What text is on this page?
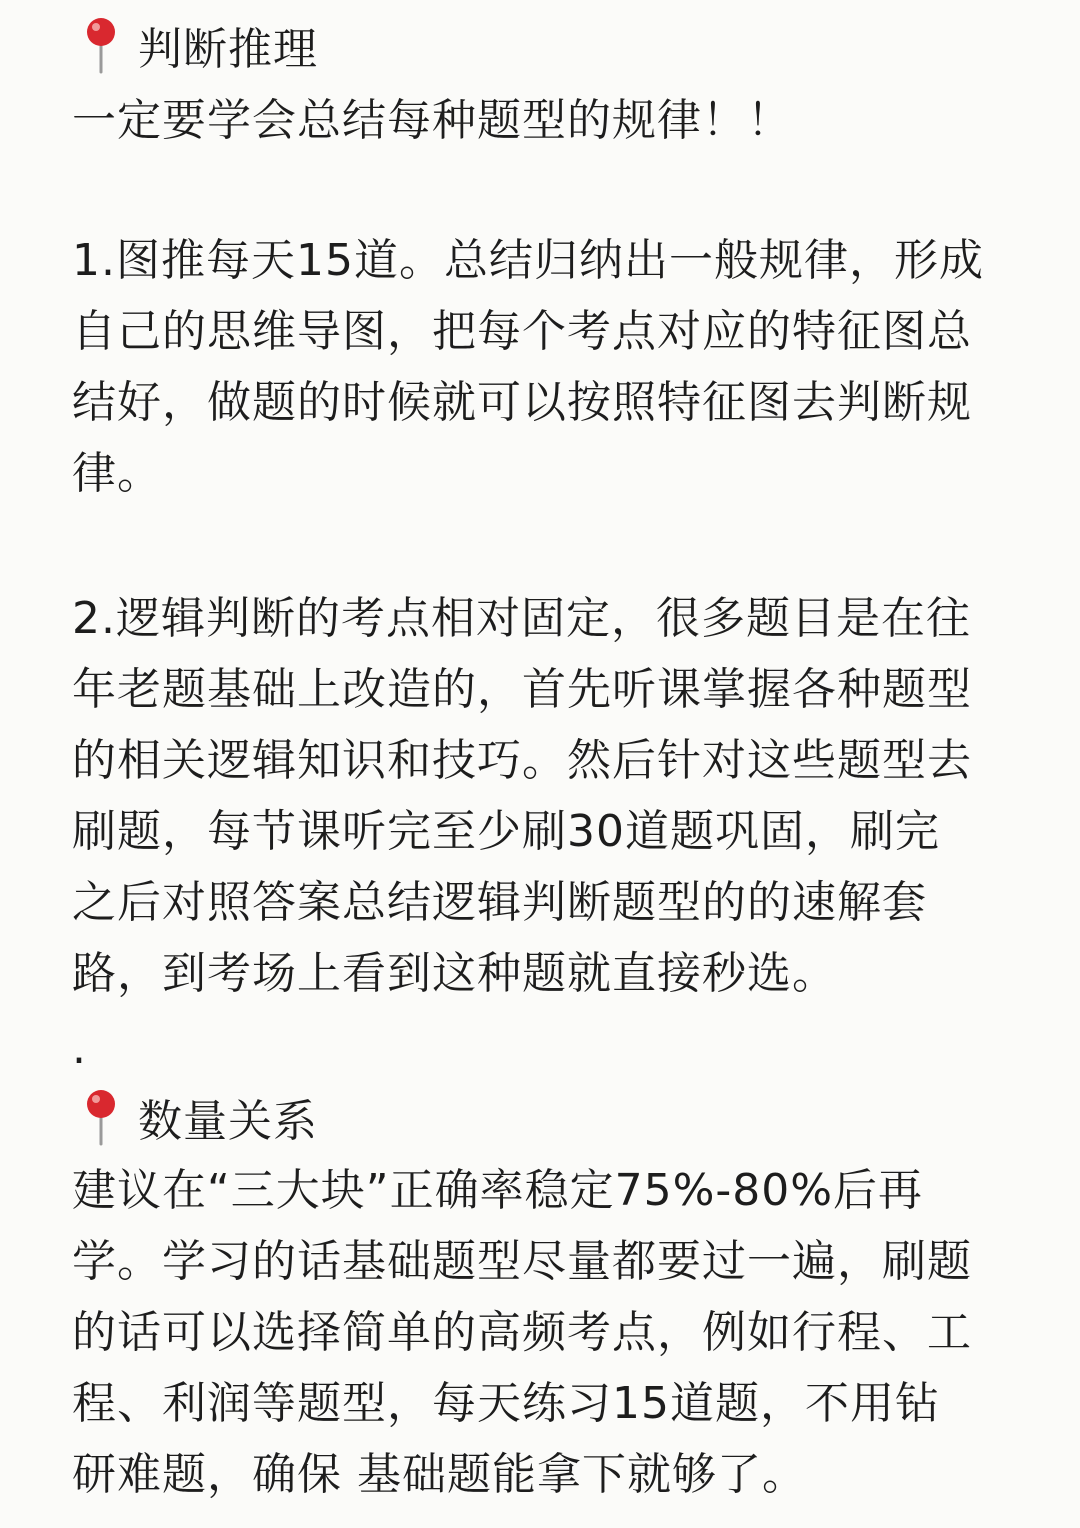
判断推理

一定要学会总结每种题型的规律！！

1.图推每天15道。总结归纳出一般规律，形成
自己的思维导图，把每个考点对应的特征图总
结好，做题的时候就可以按照特征图去判断规
律。

2.逻辑判断的考点相对固定，很多题目是在往
年老题基础上改造的，首先听课掌握各种题型
的相关逻辑知识和技巧。然后针对这些题型去
刷题，每节课听完至少刷30道题巩固，刷完
之后对照答案总结逻辑判断题型的的速解套
路，到考场上看到这种题就直接秒选。

.

数量关系

建议在“三大块”正确率稳定75%-80%后再
学。学习的话基础题型尽量都要过一遍，刷题
的话可以选择简单的高频考点，例如行程、工
程、利润等题型，每天练习15道题，不用钻
研难题，确保 基础题能拿下就够了。
